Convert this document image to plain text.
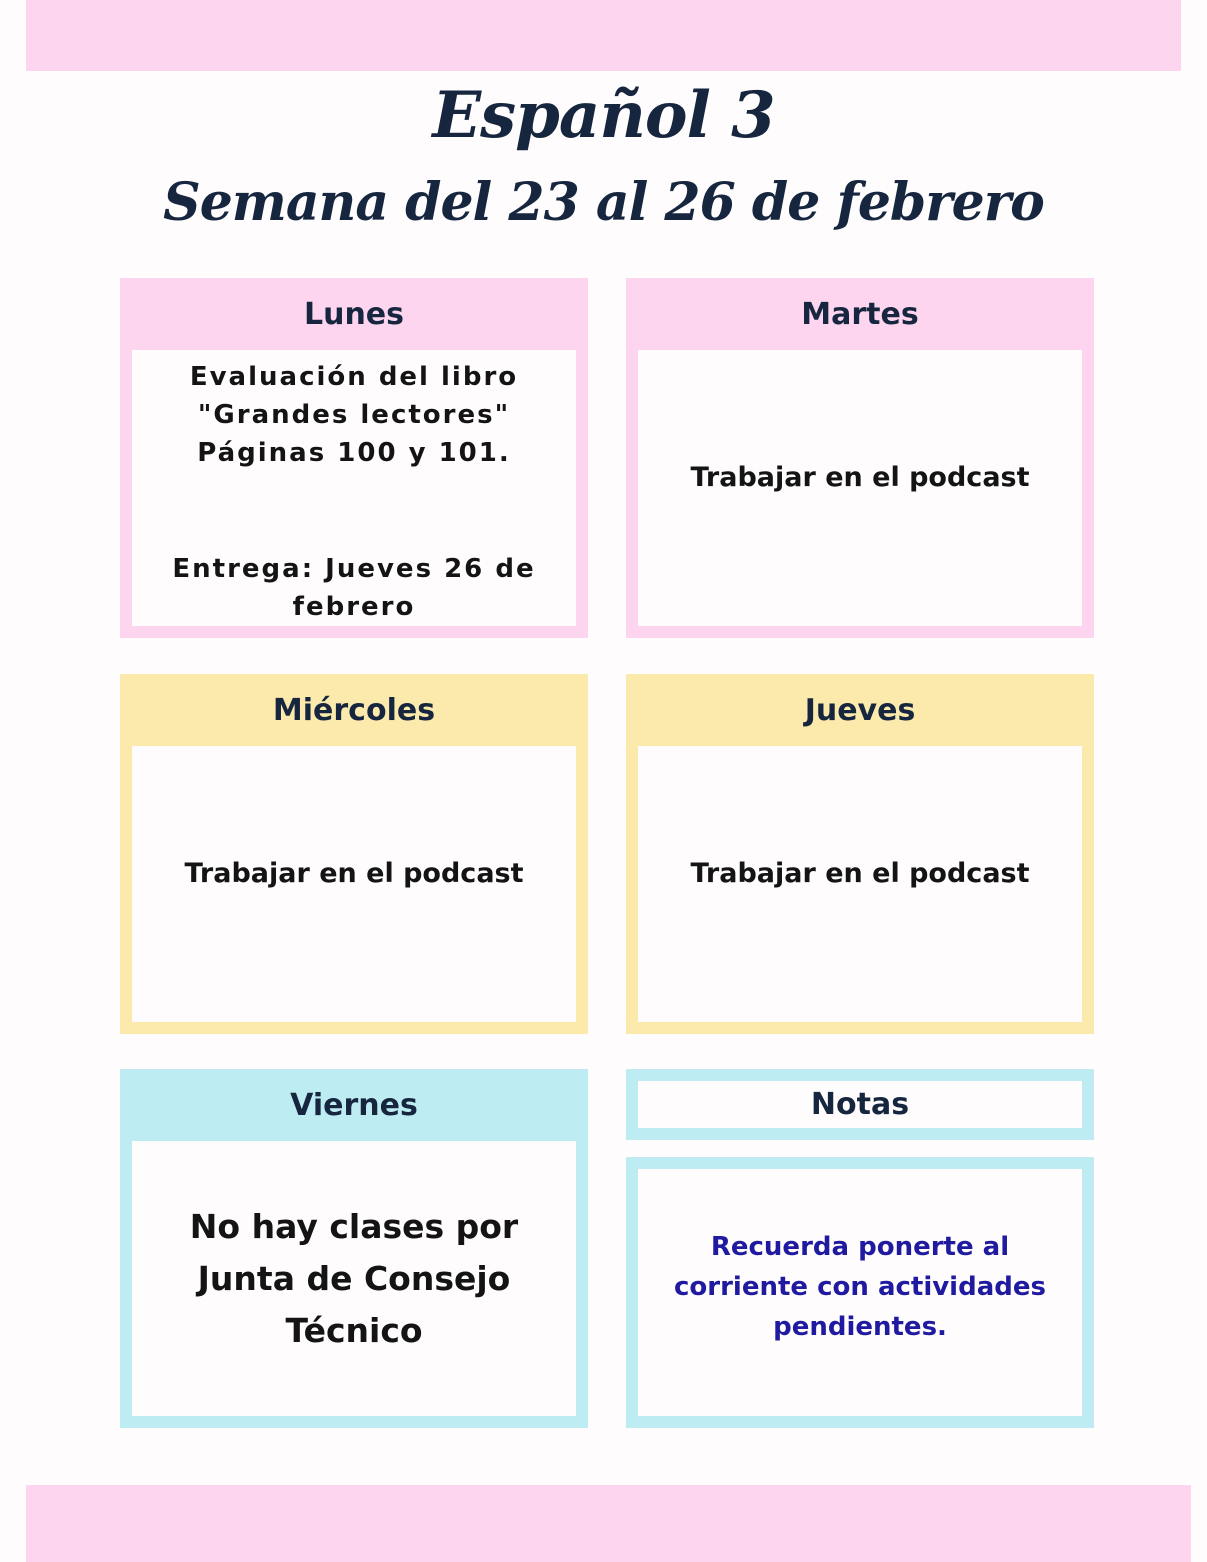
Español 3
Semana del 23 al 26 de febrero
Lunes
Evaluación del libro
"Grandes lectores"
Páginas 100 y 101.
Entrega: Jueves 26 de
febrero
Martes
Trabajar en el podcast
Miércoles
Trabajar en el podcast
Jueves
Trabajar en el podcast
Viernes
No hay clases por
Junta de Consejo
Técnico
Notas
Recuerda ponerte al
corriente con actividades
pendientes.
